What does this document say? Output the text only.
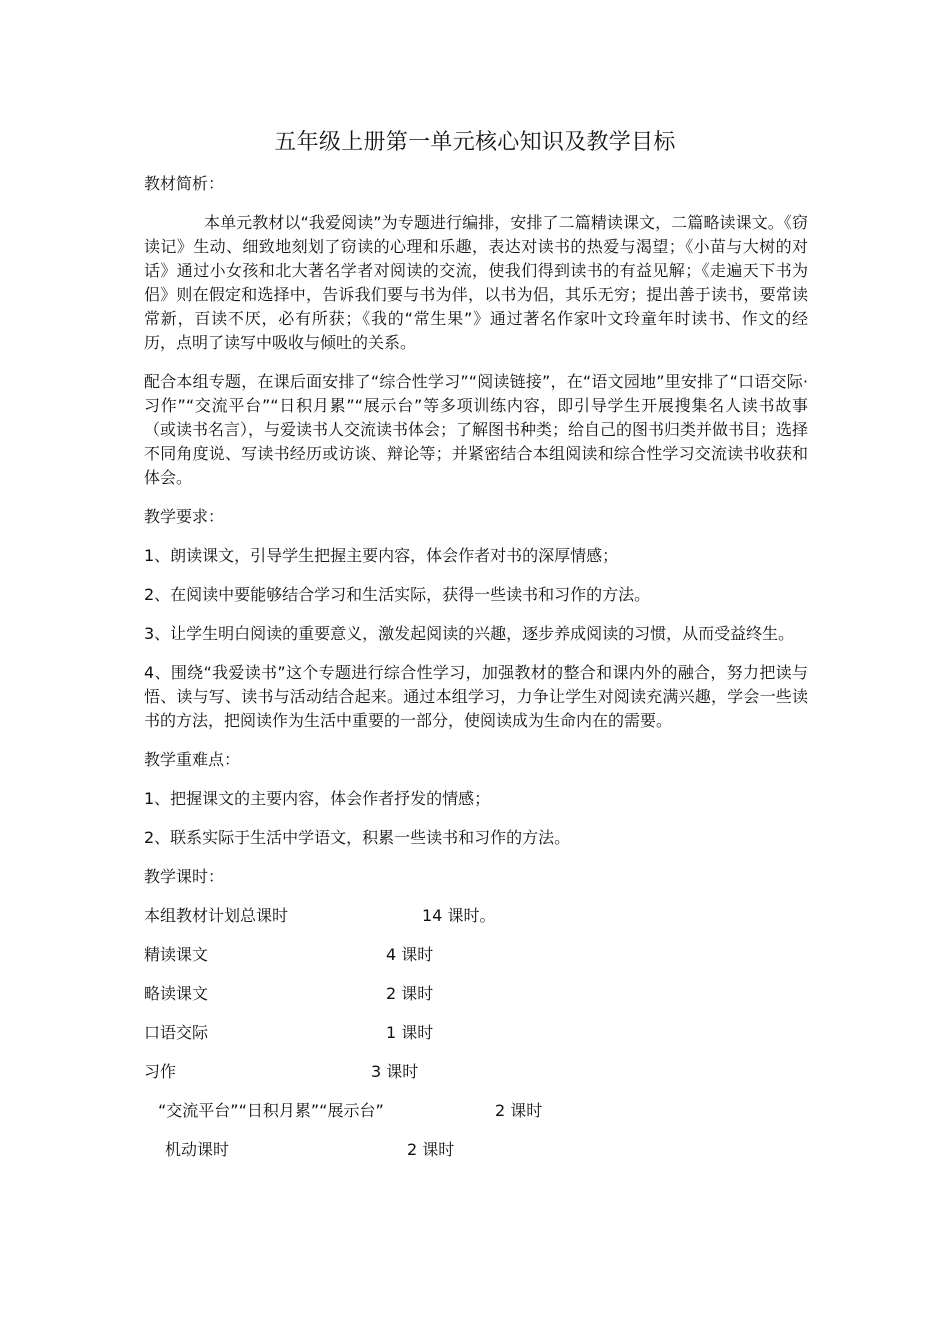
五年级上册第一单元核心知识及教学目标

教材简析：

本单元教材以“我爱阅读”为专题进行编排，安排了二篇精读课文，二篇略读课文。《窃读记》生动、细致地刻划了窃读的心理和乐趣，表达对读书的热爱与渴望；《小苗与大树的对话》通过小女孩和北大著名学者对阅读的交流，使我们得到读书的有益见解；《走遍天下书为侣》则在假定和选择中，告诉我们要与书为伴，以书为侣，其乐无穷；提出善于读书，要常读常新，百读不厌，必有所获；《我的“常生果”》通过著名作家叶文玲童年时读书、作文的经历，点明了读写中吸收与倾吐的关系。

配合本组专题，在课后面安排了“综合性学习”“阅读链接”，在“语文园地”里安排了“口语交际·习作”“交流平台”“日积月累”“展示台”等多项训练内容，即引导学生开展搜集名人读书故事（或读书名言），与爱读书人交流读书体会；了解图书种类；给自己的图书归类并做书目；选择不同角度说、写读书经历或访谈、辩论等；并紧密结合本组阅读和综合性学习交流读书收获和体会。

教学要求：

1、朗读课文，引导学生把握主要内容，体会作者对书的深厚情感；

2、在阅读中要能够结合学习和生活实际，获得一些读书和习作的方法。

3、让学生明白阅读的重要意义，激发起阅读的兴趣，逐步养成阅读的习惯，从而受益终生。

4、围绕“我爱读书”这个专题进行综合性学习，加强教材的整合和课内外的融合，努力把读与悟、读与写、读书与活动结合起来。通过本组学习，力争让学生对阅读充满兴趣，学会一些读书的方法，把阅读作为生活中重要的一部分，使阅读成为生命内在的需要。

教学重难点：

1、把握课文的主要内容，体会作者抒发的情感；

2、联系实际于生活中学语文，积累一些读书和习作的方法。

教学课时：

本组教材计划总课时	14 课时。
精读课文	4 课时
略读课文	2 课时
口语交际	1 课时
习作	3 课时
“交流平台”“日积月累”“展示台”	2 课时
机动课时	2 课时
